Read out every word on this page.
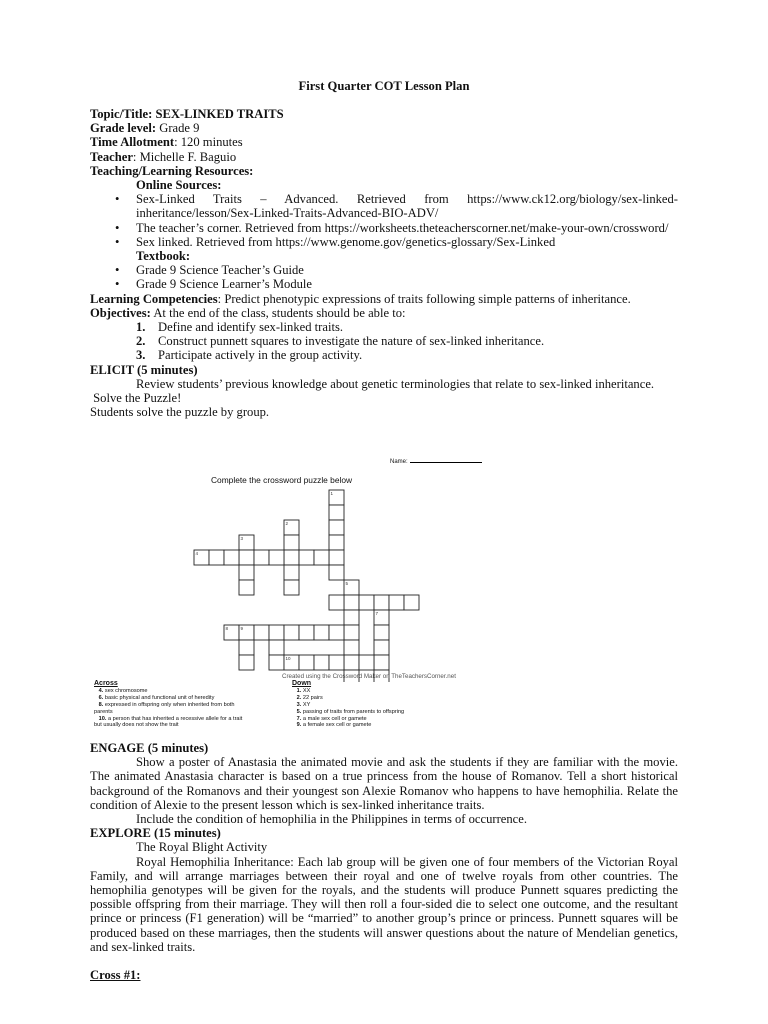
First Quarter COT Lesson Plan
Topic/Title: SEX-LINKED TRAITS
Grade level: Grade 9
Time Allotment: 120 minutes
Teacher: Michelle F. Baguio
Teaching/Learning Resources:
Online Sources:
• Sex-Linked Traits – Advanced. Retrieved from https://www.ck12.org/biology/sex-linked-inheritance/lesson/Sex-Linked-Traits-Advanced-BIO-ADV/
• The teacher’s corner. Retrieved from https://worksheets.theteacherscorner.net/make-your-own/crossword/
• Sex linked. Retrieved from https://www.genome.gov/genetics-glossary/Sex-Linked
Textbook:
• Grade 9 Science Teacher’s Guide
• Grade 9 Science Learner’s Module
Learning Competencies: Predict phenotypic expressions of traits following simple patterns of inheritance.
Objectives: At the end of the class, students should be able to:
1. Define and identify sex-linked traits.
2. Construct punnett squares to investigate the nature of sex-linked inheritance.
3. Participate actively in the group activity.
ELICIT (5 minutes)
Review students’ previous knowledge about genetic terminologies that relate to sex-linked inheritance.
Solve the Puzzle!
Students solve the puzzle by group.
Name:
Complete the crossword puzzle below
1
2
3
4
5
7
8	9
10
Created using the Crossword Maker on TheTeachersCorner.net
Across
4. sex chromosome
6. basic physical and functional unit of heredity
8. expressed in offspring only when inherited from both
parents
10. a person that has inherited a recessive allele for a trait
but usually does not show the trait
Down
1. XX
2. 22 pairs
3. XY
5. passing of traits from parents to offspring
7. a male sex cell or gamete
9. a female sex cell or gamete
ENGAGE (5 minutes)
Show a poster of Anastasia the animated movie and ask the students if they are familiar with the movie. The animated Anastasia character is based on a true princess from the house of Romanov. Tell a short historical background of the Romanovs and their youngest son Alexie Romanov who happens to have hemophilia. Relate the condition of Alexie to the present lesson which is sex-linked inheritance traits.
Include the condition of hemophilia in the Philippines in terms of occurrence.
EXPLORE (15 minutes)
The Royal Blight Activity
Royal Hemophilia Inheritance: Each lab group will be given one of four members of the Victorian Royal Family, and will arrange marriages between their royal and one of twelve royals from other countries. The hemophilia genotypes will be given for the royals, and the students will produce Punnett squares predicting the possible offspring from their marriage. They will then roll a four-sided die to select one outcome, and the resultant prince or princess (F1 generation) will be “married” to another group’s prince or princess. Punnett squares will be produced based on these marriages, then the students will answer questions about the nature of Mendelian genetics, and sex-linked traits.
Cross #1:
